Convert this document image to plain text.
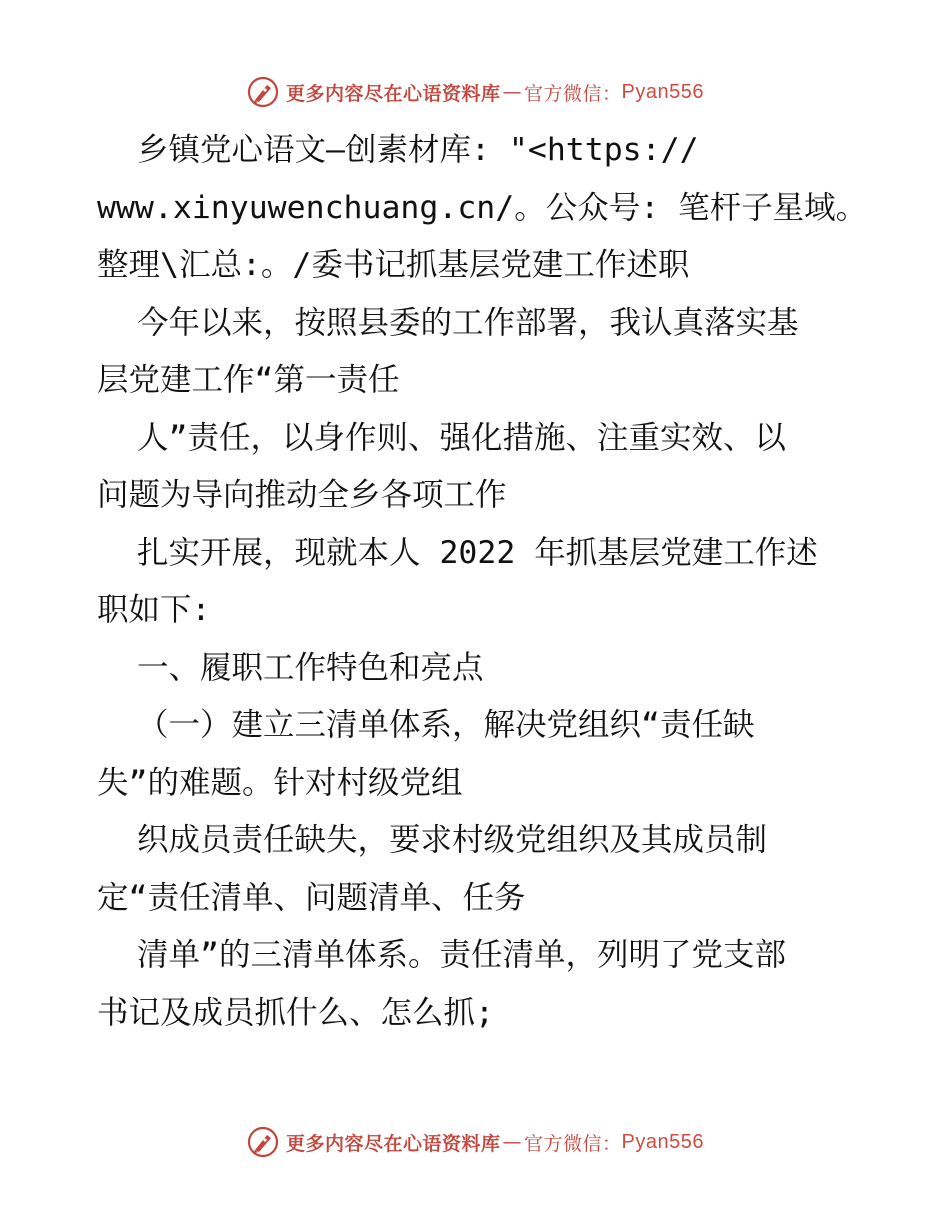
更多内容尽在心语资料库 — 官方微信： Pyan556
乡镇党心语文—创素材库: "<https://
www.xinyuwenchuang.cn/。公众号: 笔杆子星域。
整理\汇总:。/委书记抓基层党建工作述职
今年以来，按照县委的工作部署，我认真落实基
层党建工作“第一责任
人”责任，以身作则、强化措施、注重实效、以
问题为导向推动全乡各项工作
扎实开展，现就本人 2022 年抓基层党建工作述
职如下:
一、履职工作特色和亮点
（一）建立三清单体系，解决党组织“责任缺
失”的难题。针对村级党组
织成员责任缺失，要求村级党组织及其成员制
定“责任清单、问题清单、任务
清单”的三清单体系。责任清单，列明了党支部
书记及成员抓什么、怎么抓;
更多内容尽在心语资料库 — 官方微信： Pyan556
